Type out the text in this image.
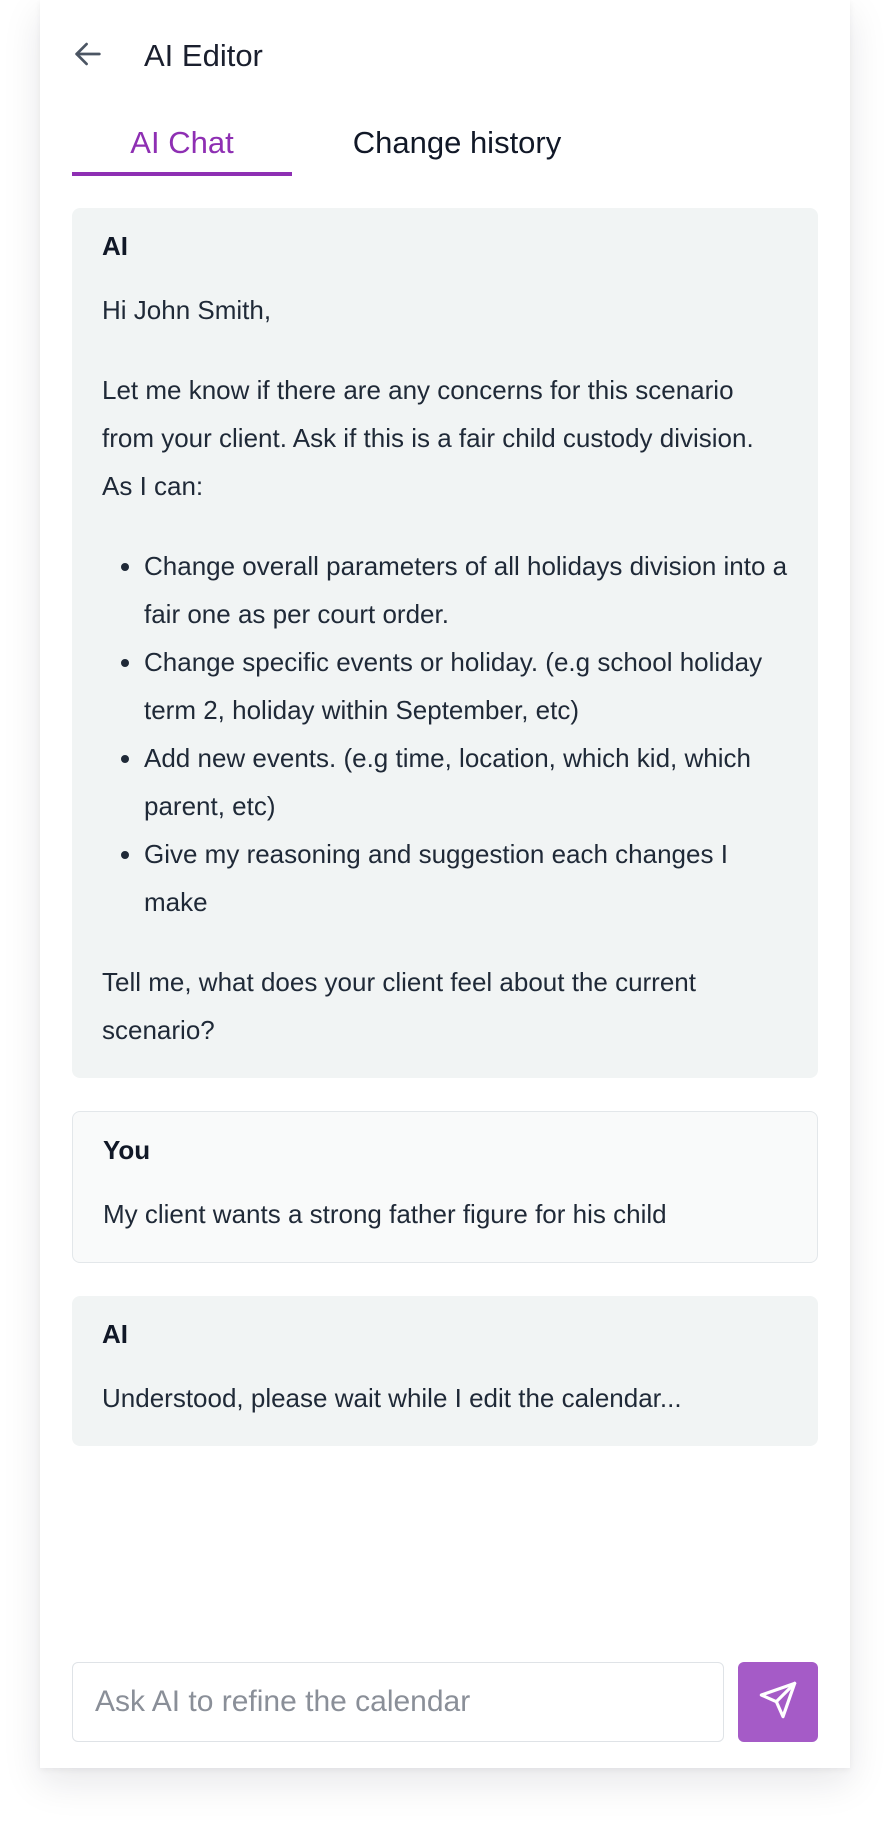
AI Editor
AI Chat	Change history
AI

Hi John Smith,

Let me know if there are any concerns for this scenario from your client. Ask if this is a fair child custody division. As I can:

• Change overall parameters of all holidays division into a fair one as per court order.
• Change specific events or holiday. (e.g school holiday term 2, holiday within September, etc)
• Add new events. (e.g time, location, which kid, which parent, etc)
• Give my reasoning and suggestion each changes I make

Tell me, what does your client feel about the current scenario?

You

My client wants a strong father figure for his child

AI

Understood, please wait while I edit the calendar...

Ask AI to refine the calendar
